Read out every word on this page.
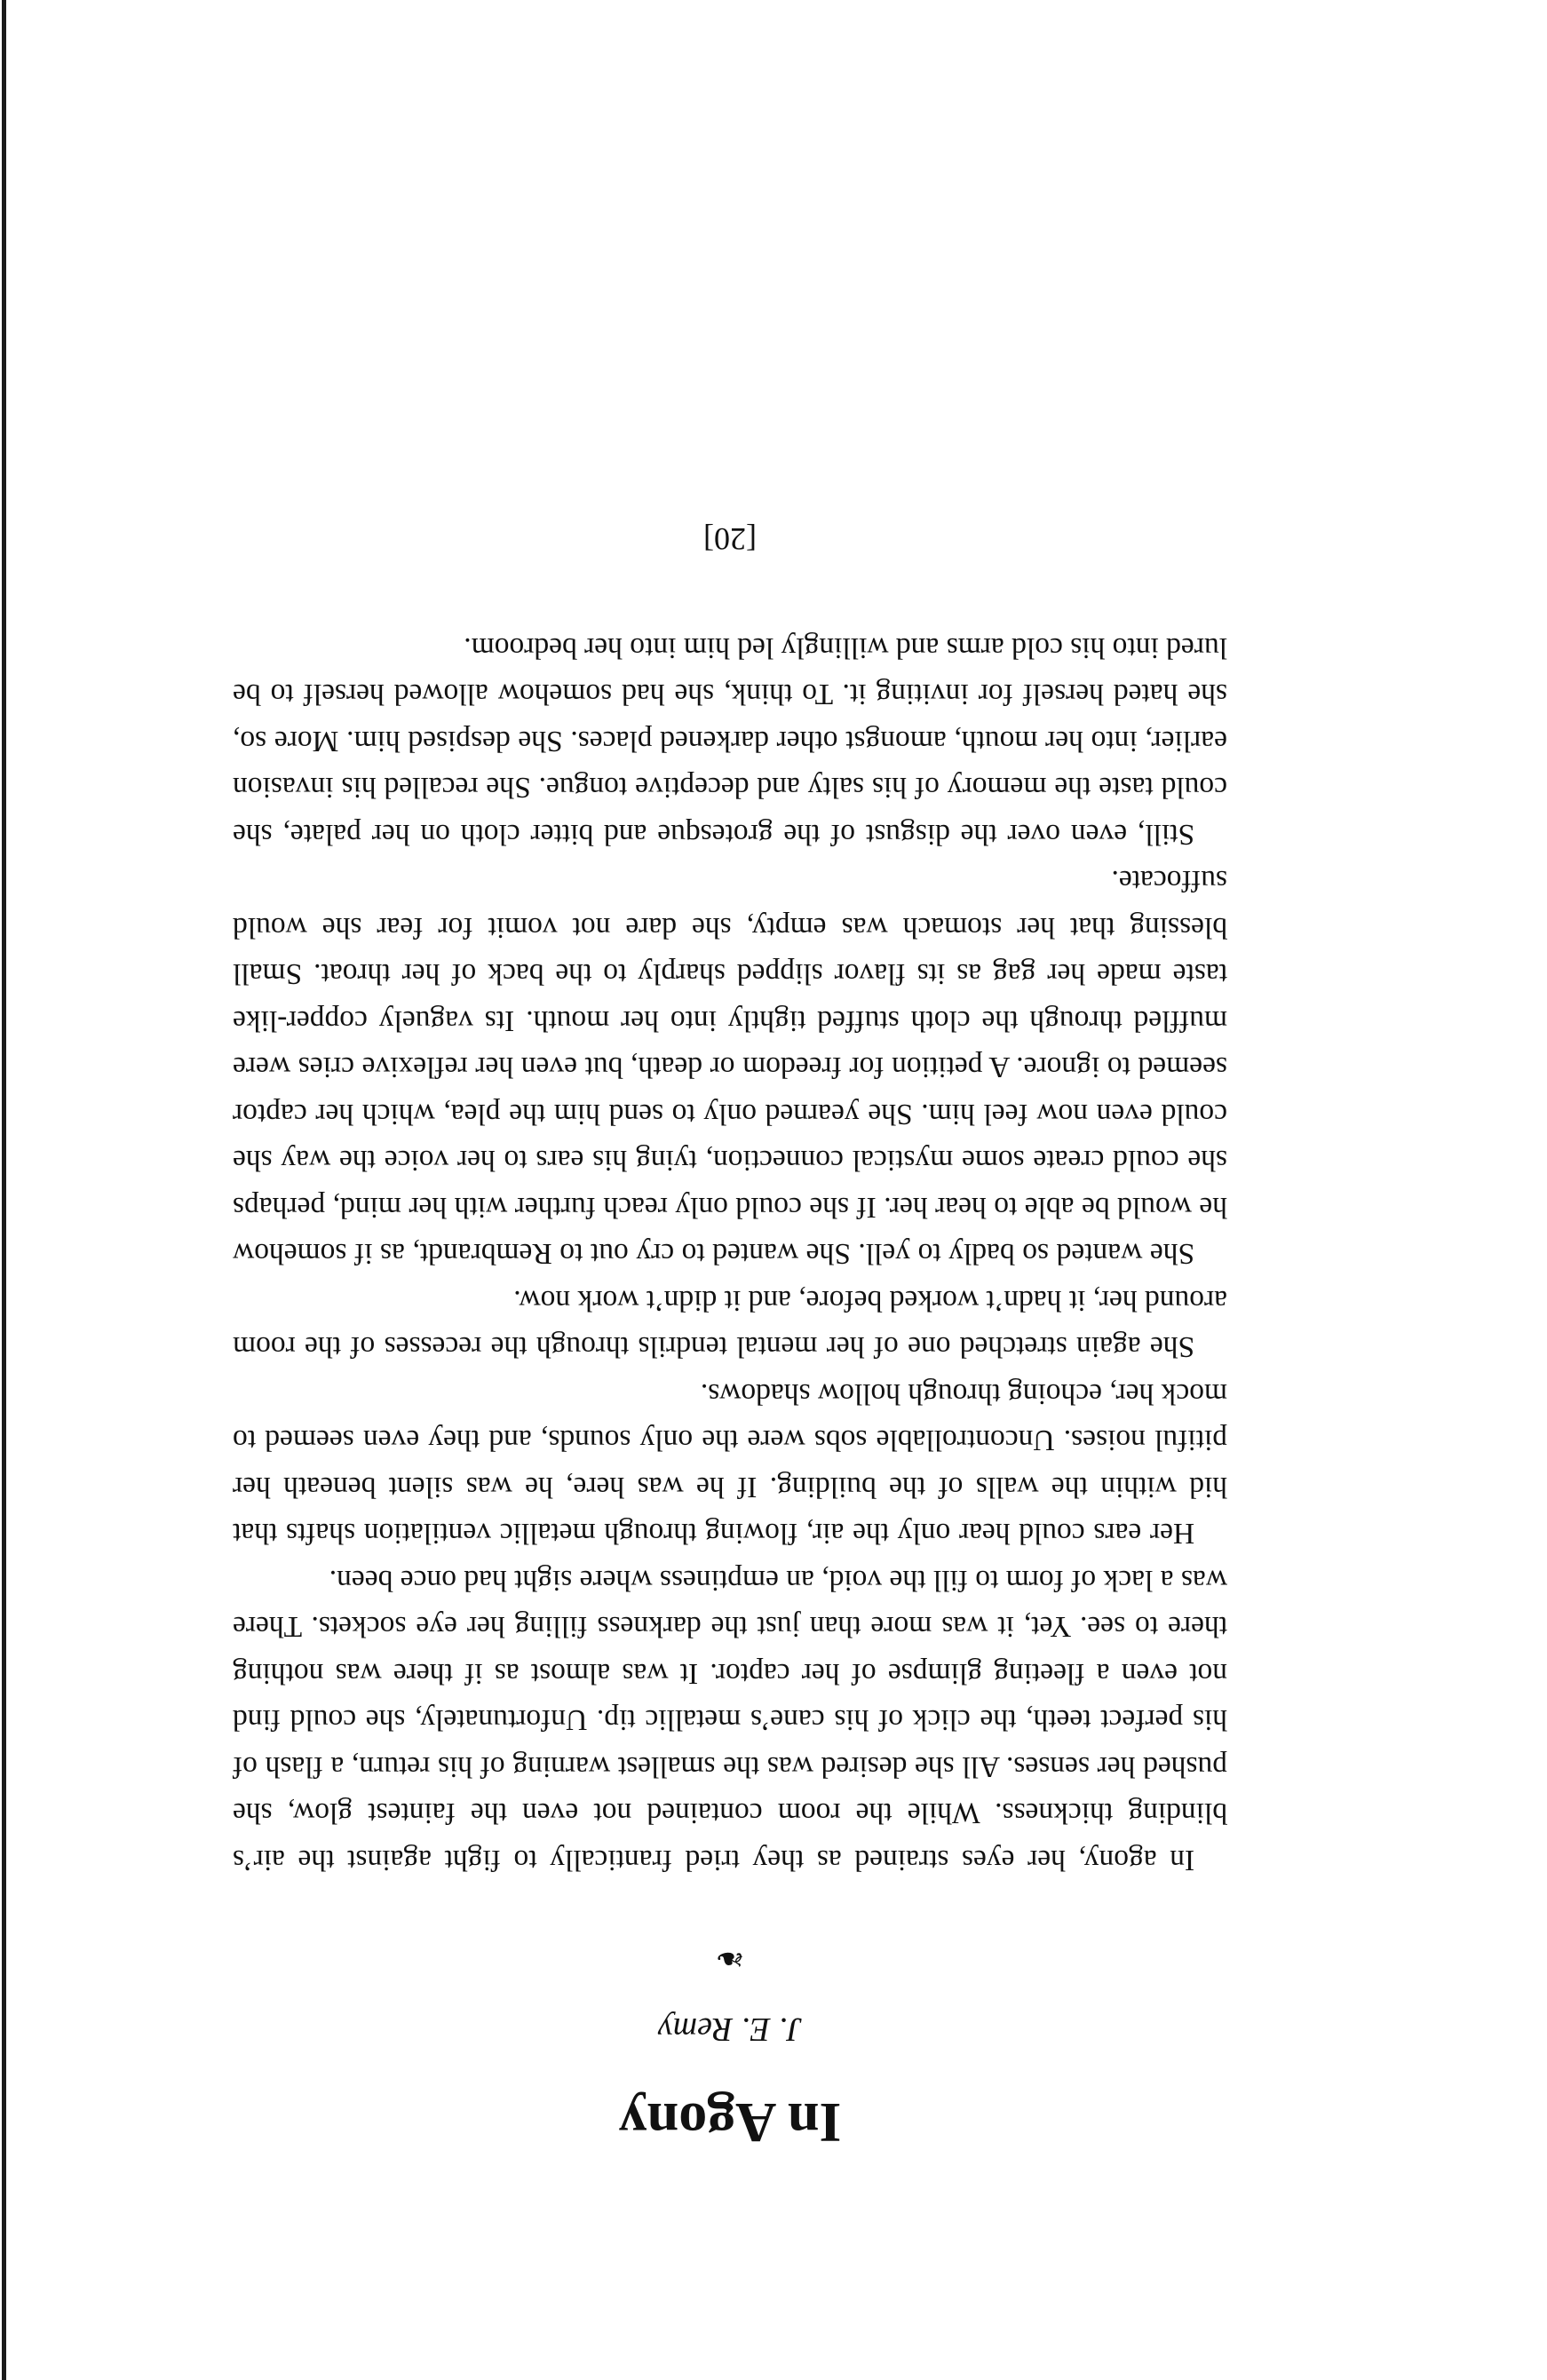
In Agony
J. E. Remy
❧

In agony, her eyes strained as they tried frantically to fight against the air’s blinding thickness. While the room contained not even the faintest glow, she pushed her senses. All she desired was the smallest warning of his return, a flash of his perfect teeth, the click of his cane’s metallic tip. Unfortunately, she could find not even a fleeting glimpse of her captor. It was almost as if there was nothing there to see. Yet, it was more than just the darkness filling her eye sockets. There was a lack of form to fill the void, an emptiness where sight had once been.

Her ears could hear only the air, flowing through metallic ventilation shafts that hid within the walls of the building. If he was here, he was silent beneath her pitiful noises. Uncontrollable sobs were the only sounds, and they even seemed to mock her, echoing through hollow shadows.

She again stretched one of her mental tendrils through the recesses of the room around her, it hadn’t worked before, and it didn’t work now.

She wanted so badly to yell. She wanted to cry out to Rembrandt, as if somehow he would be able to hear her. If she could only reach further with her mind, perhaps she could create some mystical connection, tying his ears to her voice the way she could even now feel him. She yearned only to send him the plea, which her captor seemed to ignore. A petition for freedom or death, but even her reflexive cries were muffled through the cloth stuffed tightly into her mouth. Its vaguely copper-like taste made her gag as its flavor slipped sharply to the back of her throat. Small blessing that her stomach was empty, she dare not vomit for fear she would suffocate.

Still, even over the disgust of the grotesque and bitter cloth on her palate, she could taste the memory of his salty and deceptive tongue. She recalled his invasion earlier, into her mouth, amongst other darkened places. She despised him. More so, she hated herself for inviting it. To think, she had somehow allowed herself to be lured into his cold arms and willingly led him into her bedroom.

[20]
